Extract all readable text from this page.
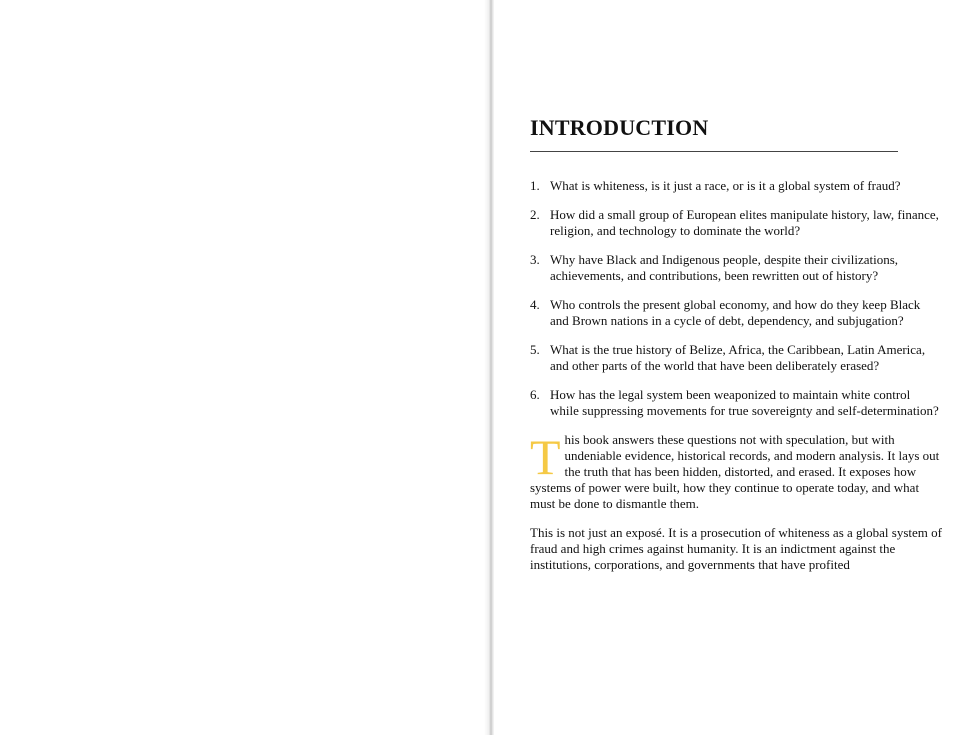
INTRODUCTION
1. What is whiteness, is it just a race, or is it a global system of fraud?
2. How did a small group of European elites manipulate history, law, finance, religion, and technology to dominate the world?
3. Why have Black and Indigenous people, despite their civilizations, achievements, and contributions, been rewritten out of history?
4. Who controls the present global economy, and how do they keep Black and Brown nations in a cycle of debt, dependency, and subjugation?
5. What is the true history of Belize, Africa, the Caribbean, Latin America, and other parts of the world that have been deliberately erased?
6. How has the legal system been weaponized to maintain white control while suppressing movements for true sovereignty and self-determination?

This book answers these questions not with speculation, but with undeniable evidence, historical records, and modern analysis. It lays out the truth that has been hidden, distorted, and erased. It exposes how systems of power were built, how they continue to operate today, and what must be done to dismantle them.

This is not just an exposé. It is a prosecution of whiteness as a global system of fraud and high crimes against humanity. It is an indictment against the institutions, corporations, and governments that have profited
